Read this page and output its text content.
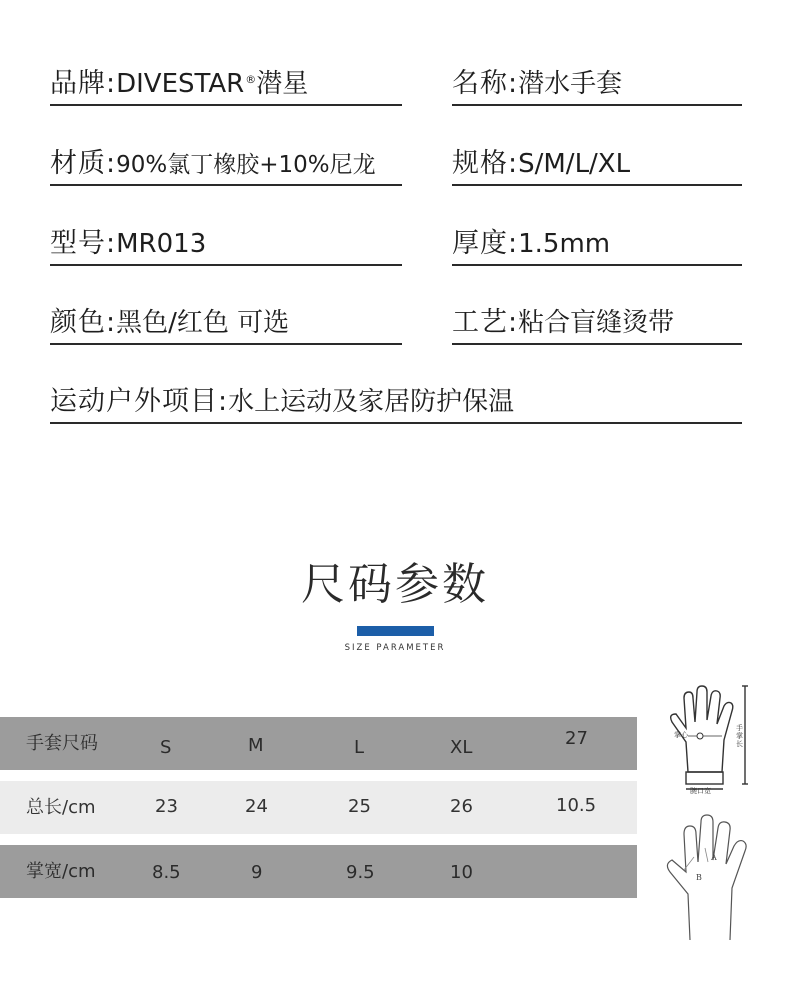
品牌:DIVESTAR®潜星	名称:潜水手套
材质:90%氯丁橡胶+10%尼龙	规格:S/M/L/XL
型号:MR013	厚度:1.5mm
颜色:黑色/红色 可选	工艺:粘合盲缝烫带
运动户外项目:水上运动及家居防护保温
尺码参数
SIZE PARAMETER
手套尺码	S	M	L	XL	27
总长/cm	23	24	25	26	10.5
掌宽/cm	8.5	9	9.5	10
掌心
手掌长
腕口宽
A
B
